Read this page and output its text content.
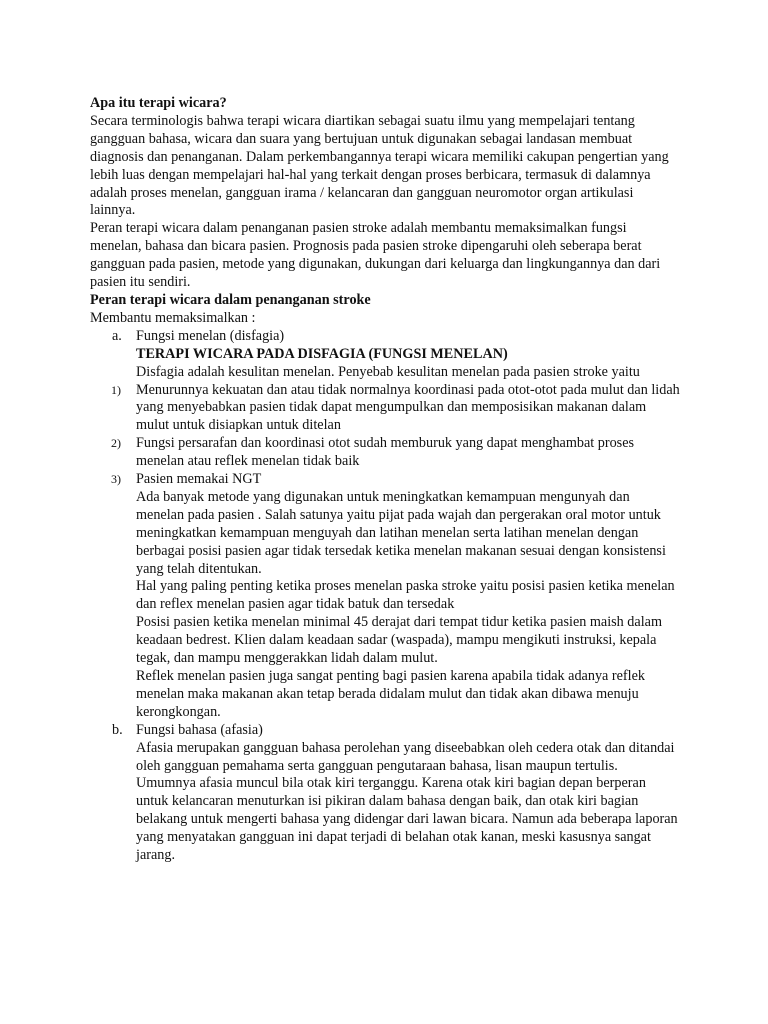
Apa itu terapi wicara?

Secara terminologis bahwa terapi wicara diartikan sebagai suatu ilmu yang mempelajari tentang gangguan bahasa, wicara dan suara yang bertujuan untuk digunakan sebagai landasan membuat diagnosis dan penanganan. Dalam perkembangannya terapi wicara memiliki cakupan pengertian yang lebih luas dengan mempelajari hal-hal yang terkait dengan proses berbicara, termasuk di dalamnya adalah proses menelan, gangguan irama / kelancaran dan gangguan neuromotor organ artikulasi lainnya.

Peran terapi wicara dalam penanganan pasien stroke adalah membantu memaksimalkan fungsi menelan, bahasa dan bicara pasien. Prognosis pada pasien stroke dipengaruhi oleh seberapa berat gangguan pada pasien, metode yang digunakan, dukungan dari keluarga dan lingkungannya dan dari pasien itu sendiri.

Peran terapi wicara dalam penanganan stroke

Membantu memaksimalkan :

a. Fungsi menelan (disfagia)

TERAPI WICARA PADA DISFAGIA (FUNGSI MENELAN)

Disfagia adalah kesulitan menelan. Penyebab kesulitan menelan pada pasien stroke yaitu

1) Menurunnya kekuatan dan atau tidak normalnya koordinasi pada otot-otot pada mulut dan lidah yang menyebabkan pasien tidak dapat mengumpulkan dan memposisikan makanan dalam mulut untuk disiapkan untuk ditelan

2) Fungsi persarafan dan koordinasi otot sudah memburuk yang dapat menghambat proses menelan atau reflek menelan tidak baik

3) Pasien memakai NGT

Ada banyak metode yang digunakan untuk meningkatkan kemampuan mengunyah dan menelan pada pasien . Salah satunya yaitu pijat pada wajah dan pergerakan oral motor untuk meningkatkan kemampuan menguyah dan latihan menelan serta latihan menelan dengan berbagai posisi pasien agar tidak tersedak ketika menelan makanan sesuai dengan konsistensi yang telah ditentukan.

Hal yang paling penting ketika proses menelan paska stroke yaitu posisi pasien ketika menelan dan reflex menelan pasien agar tidak batuk dan tersedak

Posisi pasien ketika menelan minimal 45 derajat dari tempat tidur ketika pasien maish dalam keadaan bedrest. Klien dalam keadaan sadar (waspada), mampu mengikuti instruksi, kepala tegak, dan mampu menggerakkan lidah dalam mulut.

Reflek menelan pasien juga sangat penting bagi pasien karena apabila tidak adanya reflek menelan maka makanan akan tetap berada didalam mulut dan tidak akan dibawa menuju kerongkongan.

b. Fungsi bahasa (afasia)

Afasia merupakan gangguan bahasa perolehan yang diseebabkan oleh cedera otak dan ditandai oleh gangguan pemahama serta gangguan pengutaraan bahasa, lisan maupun tertulis. Umumnya afasia muncul bila otak kiri terganggu. Karena otak kiri bagian depan berperan untuk kelancaran menuturkan isi pikiran dalam bahasa dengan baik, dan otak kiri bagian belakang untuk mengerti bahasa yang didengar dari lawan bicara. Namun ada beberapa laporan yang menyatakan gangguan ini dapat terjadi di belahan otak kanan, meski kasusnya sangat jarang.
